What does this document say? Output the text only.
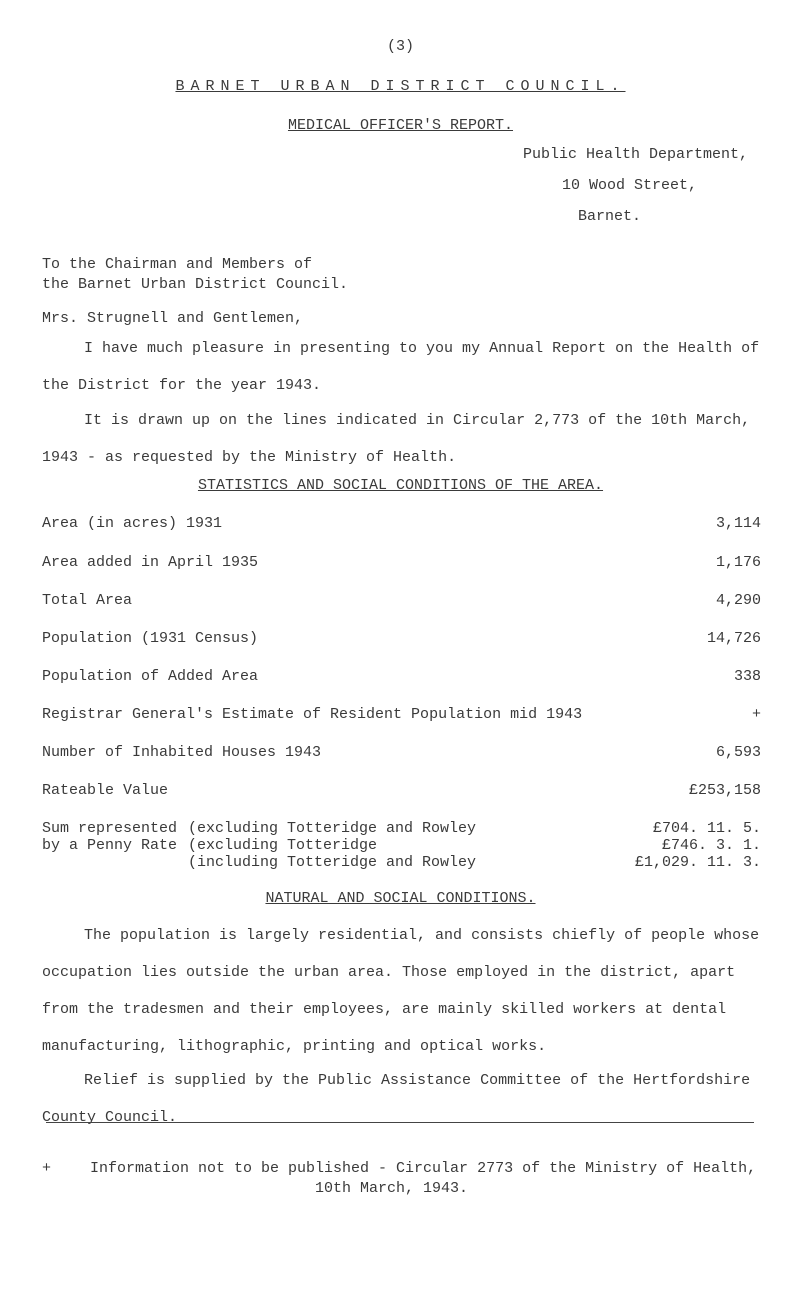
(3)
BARNET URBAN DISTRICT COUNCIL.
MEDICAL OFFICER'S REPORT.
Public Health Department,
10 Wood Street,
Barnet.
To the Chairman and Members of
the Barnet Urban District Council.
Mrs. Strugnell and Gentlemen,
I have much pleasure in presenting to you my Annual Report on the Health of the District for the year 1943.
It is drawn up on the lines indicated in Circular 2,773 of the 10th March, 1943 - as requested by the Ministry of Health.
STATISTICS AND SOCIAL CONDITIONS OF THE AREA.
Area (in acres) 1931	3,114
Area added in April 1935	1,176
Total Area	4,290
Population (1931 Census)	14,726
Population of Added Area	338
Registrar General's Estimate of Resident Population mid 1943	+
Number of Inhabited Houses 1943	6,593
Rateable Value	£253,158
Sum represented
by a Penny Rate
(excluding Totteridge and Rowley	£704. 11. 5.
(excluding Totteridge	£746. 3. 1.
(including Totteridge and Rowley	£1,029. 11. 3.
NATURAL AND SOCIAL CONDITIONS.
The population is largely residential, and consists chiefly of people whose occupation lies outside the urban area. Those employed in the district, apart from the tradesmen and their employees, are mainly skilled workers at dental manufacturing, lithographic, printing and optical works.
Relief is supplied by the Public Assistance Committee of the Hertfordshire County Council.
+	Information not to be published - Circular 2773 of the Ministry of Health,
10th March, 1943.
